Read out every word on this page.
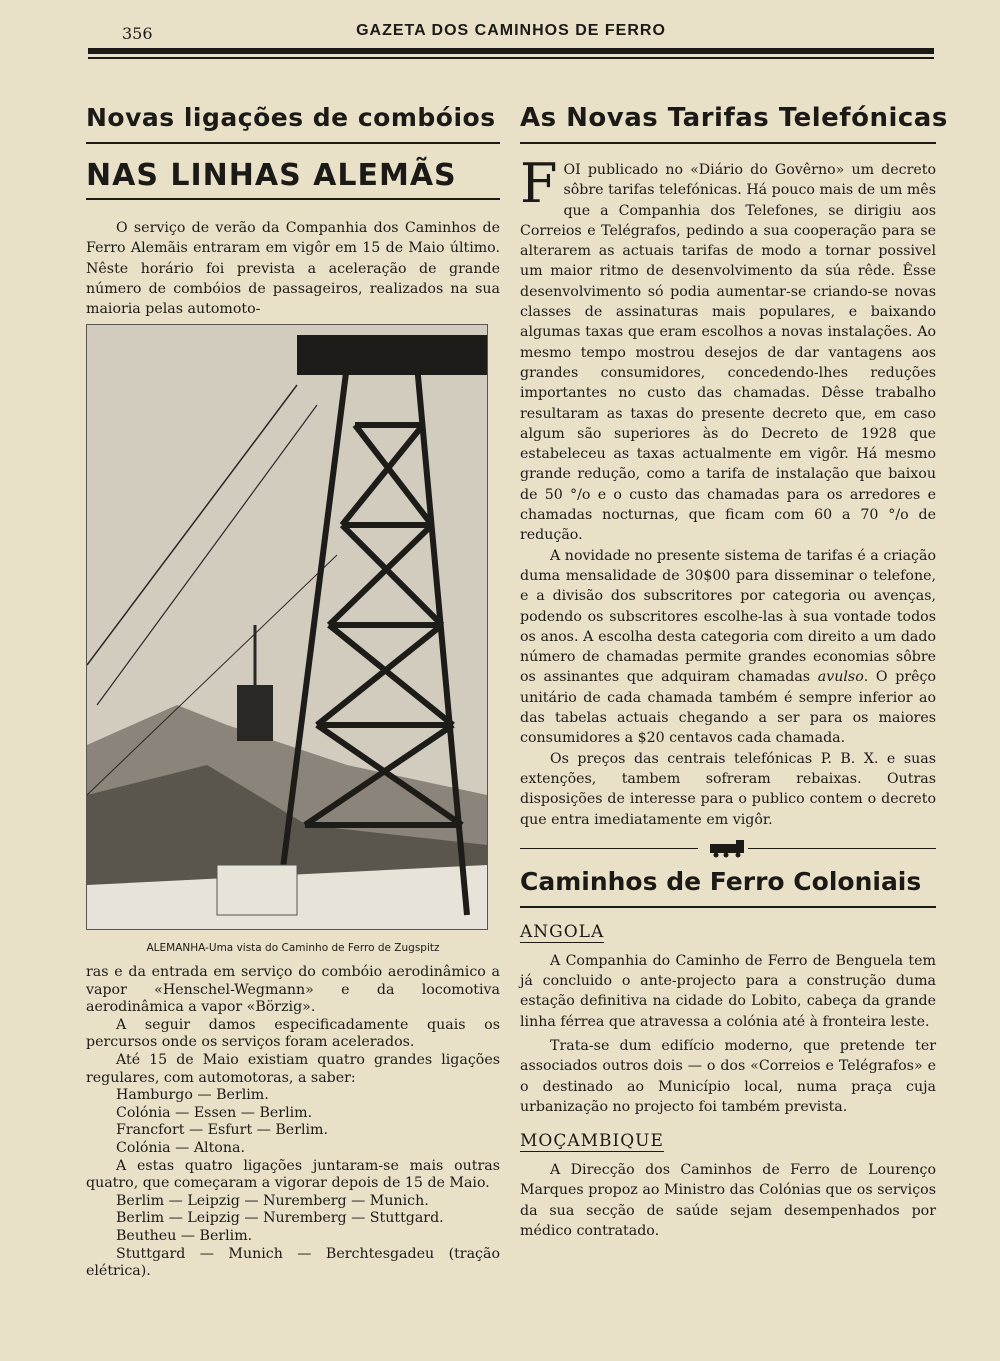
356	GAZETA DOS CAMINHOS DE FERRO
Novas ligações de combóios
NAS LINHAS ALEMÃS

O serviço de verão da Companhia dos Caminhos de Ferro Alemãis entraram em vigôr em 15 de Maio último. Nêste horário foi prevista a aceleração de grande número de combóios de passageiros, realizados na sua maioria pelas automoto-

ALEMANHA-Uma vista do Caminho de Ferro de Zugspitz

ras e da entrada em serviço do combóio aerodinâmico a vapor «Henschel-Wegmann» e da locomotiva aerodinâmica a vapor «Börzig».

A seguir damos especificadamente quais os percursos onde os serviços foram acelerados.

Até 15 de Maio existiam quatro grandes ligações regulares, com automotoras, a saber:

Hamburgo — Berlim.
Colónia — Essen — Berlim.
Francfort — Esfurt — Berlim.
Colónia — Altona.

A estas quatro ligações juntaram-se mais outras quatro, que começaram a vigorar depois de 15 de Maio.

Berlim — Leipzig — Nuremberg — Munich.
Berlim — Leipzig — Nuremberg — Stuttgard.
Beutheu — Berlim.

Stuttgard — Munich — Berchtesgadeu (tração elétrica).

As Novas Tarifas Telefónicas
F OI publicado no «Diário do Govêrno» um decreto sôbre tarifas telefónicas. Há pouco mais de um mês que a Companhia dos Telefones, se dirigiu aos Correios e Telégrafos, pedindo a sua cooperação para se alterarem as actuais tarifas de modo a tornar possivel um maior ritmo de desenvolvimento da súa rêde. Êsse desenvolvimento só podia aumentar-se criando-se novas classes de assinaturas mais populares, e baixando algumas taxas que eram escolhos a novas instalações. Ao mesmo tempo mostrou desejos de dar vantagens aos grandes consumidores, concedendo-lhes reduções importantes no custo das chamadas. Dêsse trabalho resultaram as taxas do presente decreto que, em caso algum são superiores às do Decreto de 1928 que estabeleceu as taxas actualmente em vigôr. Há mesmo grande redução, como a tarifa de instalação que baixou de 50 °/o e o custo das chamadas para os arredores e chamadas nocturnas, que ficam com 60 a 70 °/o de redução.

A novidade no presente sistema de tarifas é a criação duma mensalidade de 30$00 para disseminar o telefone, e a divisão dos subscritores por categoria ou avenças, podendo os subscritores escolhe-las à sua vontade todos os anos. A escolha desta categoria com direito a um dado número de chamadas permite grandes economias sôbre os assinantes que adquiram chamadas avulso. O prêço unitário de cada chamada também é sempre inferior ao das tabelas actuais chegando a ser para os maiores consumidores a $20 centavos cada chamada.

Os preços das centrais telefónicas P. B. X. e suas extenções, tambem sofreram rebaixas. Outras disposições de interesse para o publico contem o decreto que entra imediatamente em vigôr.

Caminhos de Ferro Coloniais
ANGOLA

A Companhia do Caminho de Ferro de Benguela tem já concluido o ante-projecto para a construção duma estação definitiva na cidade do Lobito, cabeça da grande linha férrea que atravessa a colónia até à fronteira leste.

Trata-se dum edifício moderno, que pretende ter associados outros dois — o dos «Correios e Telégrafos» e o destinado ao Município local, numa praça cuja urbanização no projecto foi também prevista.

MOÇAMBIQUE

A Direcção dos Caminhos de Ferro de Lourenço Marques propoz ao Ministro das Colónias que os serviços da sua secção de saúde sejam desempenhados por médico contratado.
